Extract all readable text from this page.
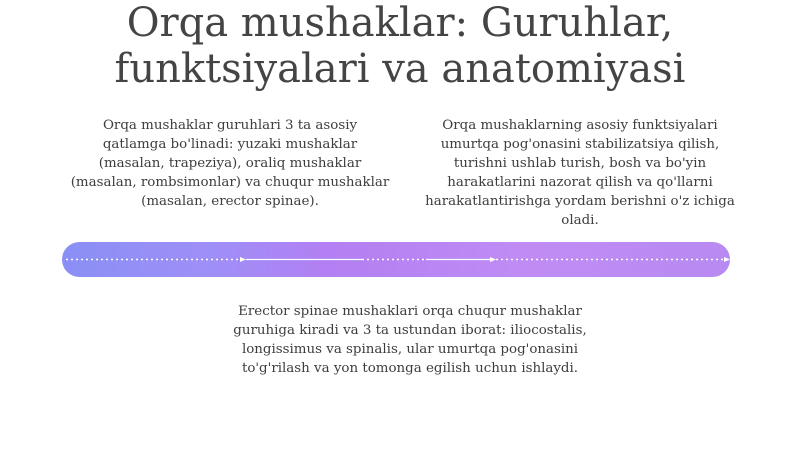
Orqa mushaklar: Guruhlar, funktsiyalari va anatomiyasi

Orqa mushaklar guruhlari 3 ta asosiy qatlamga bo'linadi: yuzaki mushaklar (masalan, trapeziya), oraliq mushaklar (masalan, rombsimonlar) va chuqur mushaklar (masalan, erector spinae).

Orqa mushaklarning asosiy funktsiyalari umurtqa pog'onasini stabilizatsiya qilish, turishni ushlab turish, bosh va bo'yin harakatlarini nazorat qilish va qo'llarni harakatlantirishga yordam berishni o'z ichiga oladi.

Erector spinae mushaklari orqa chuqur mushaklar guruhiga kiradi va 3 ta ustundan iborat: iliocostalis, longissimus va spinalis, ular umurtqa pog'onasini to'g'rilash va yon tomonga egilish uchun ishlaydi.
